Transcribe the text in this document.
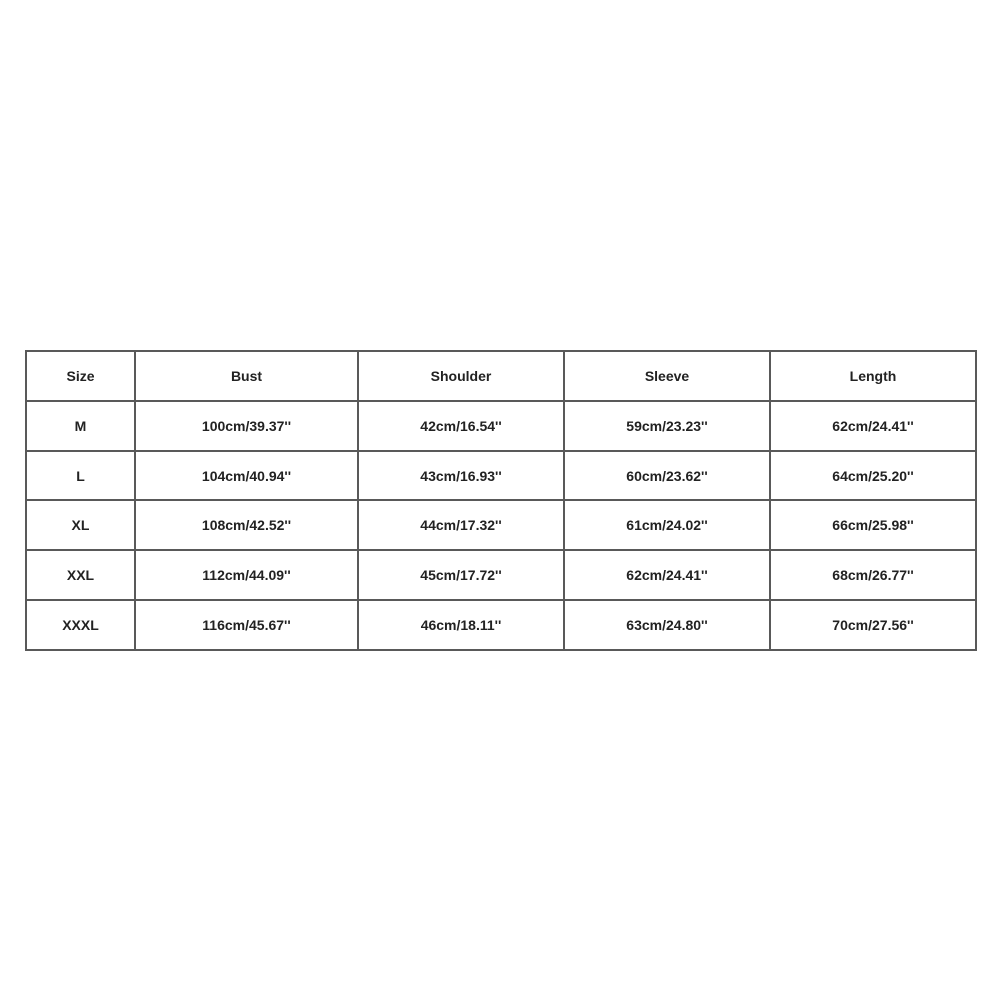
Size	Bust	Shoulder	Sleeve	Length
M	100cm/39.37''	42cm/16.54''	59cm/23.23''	62cm/24.41''
L	104cm/40.94''	43cm/16.93''	60cm/23.62''	64cm/25.20''
XL	108cm/42.52''	44cm/17.32''	61cm/24.02''	66cm/25.98''
XXL	112cm/44.09''	45cm/17.72''	62cm/24.41''	68cm/26.77''
XXXL	116cm/45.67''	46cm/18.11''	63cm/24.80''	70cm/27.56''
